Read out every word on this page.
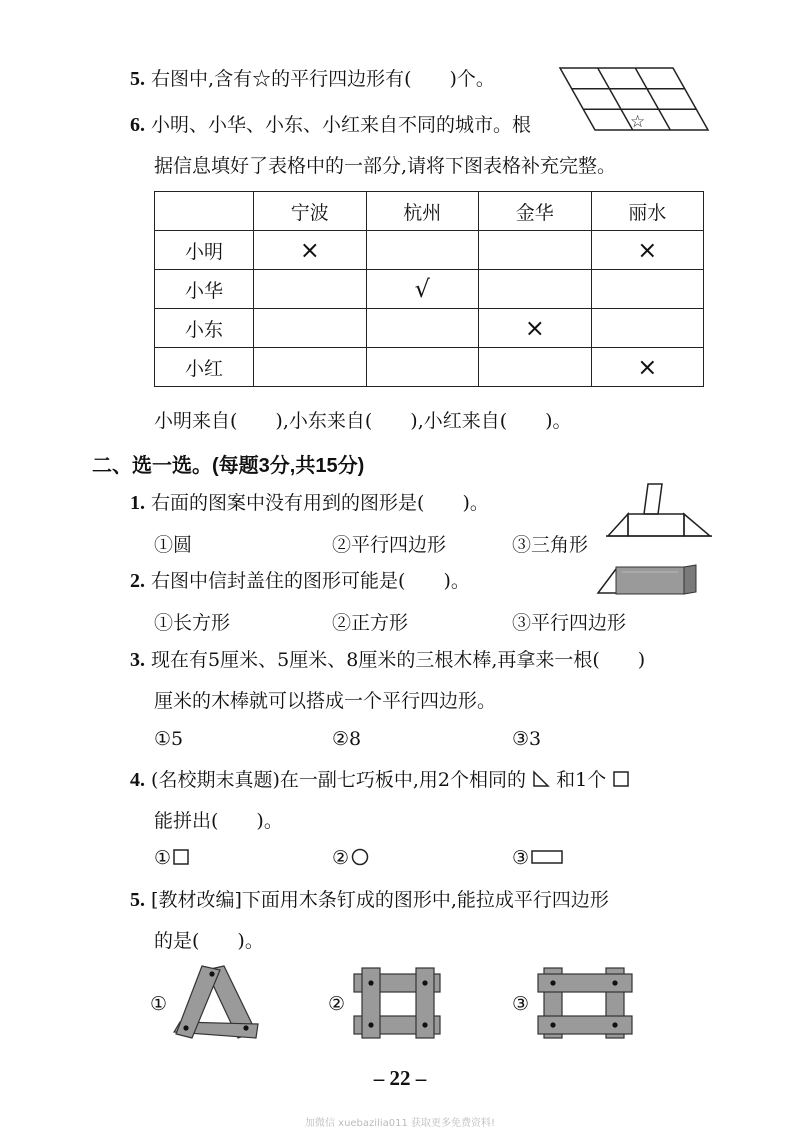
5. 右图中,含有☆的平行四边形有(　　)个。
☆
6. 小明、小华、小东、小红来自不同的城市。根
据信息填好了表格中的一部分,请将下图表格补充完整。
	宁波	杭州	金华	丽水
小明	×			×
小华		√		
小东			×	
小红				×
小明来自(　　),小东来自(　　),小红来自(　　)。
二、选一选。(每题3分,共15分)
1. 右面的图案中没有用到的图形是(　　)。
①圆	②平行四边形	③三角形
2. 右图中信封盖住的图形可能是(　　)。
①长方形	②正方形	③平行四边形
3. 现在有5厘米、5厘米、8厘米的三根木棒,再拿来一根(　　)
厘米的木棒就可以搭成一个平行四边形。
①5	②8	③3
4. (名校期末真题)在一副七巧板中,用2个相同的 和1个
能拼出(　　)。
①	②	③
5. [教材改编]下面用木条钉成的图形中,能拉成平行四边形
的是(　　)。
①	②	③
– 22 –
加微信 xuebazilia011 获取更多免费资料!
